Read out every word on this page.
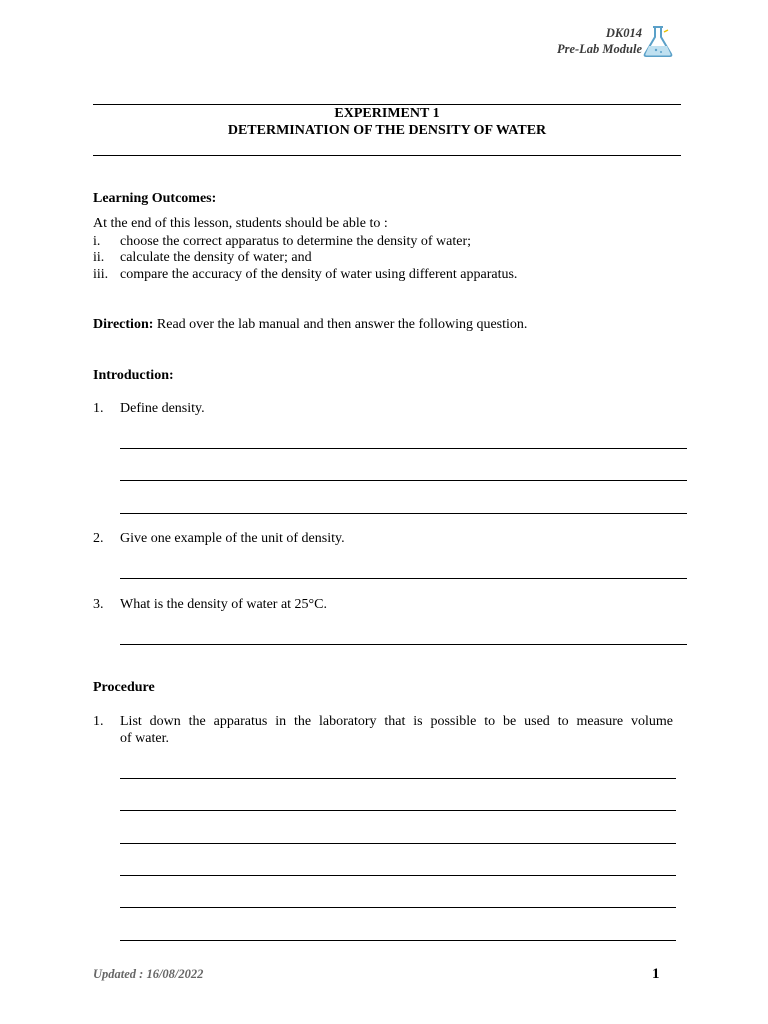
DK014
Pre-Lab Module
EXPERIMENT 1
DETERMINATION OF THE DENSITY OF WATER
Learning Outcomes:
At the end of this lesson, students should be able to :
i. choose the correct apparatus to determine the density of water;
ii. calculate the density of water; and
iii. compare the accuracy of the density of water using different apparatus.
Direction: Read over the lab manual and then answer the following question.
Introduction:
1. Define density.
2. Give one example of the unit of density.
3. What is the density of water at 25°C.
Procedure
1. List down the apparatus in the laboratory that is possible to be used to measure volume
of water.
Updated : 16/08/2022	1
